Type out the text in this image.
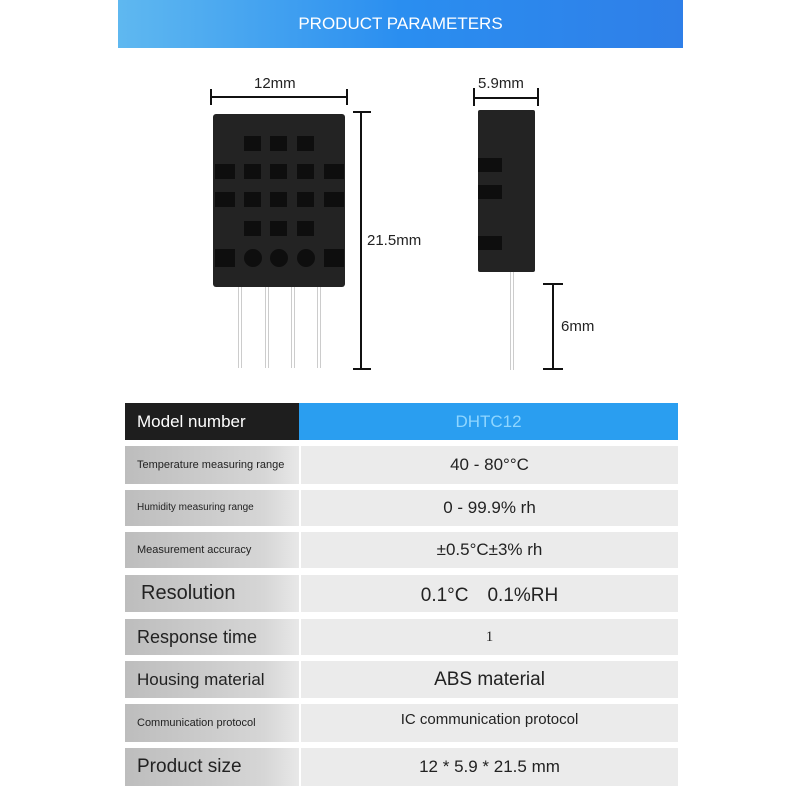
PRODUCT PARAMETERS
12mm
21.5mm
5.9mm
6mm
Model number	DHTC12
Temperature measuring range	40 - 80°°C
Humidity measuring range	0 - 99.9% rh
Measurement accuracy	±0.5°C±3% rh
Resolution	0.1°C　0.1%RH
Response time	1
Housing material	ABS material
Communication protocol	IC communication protocol
Product size	12 * 5.9 * 21.5 mm
